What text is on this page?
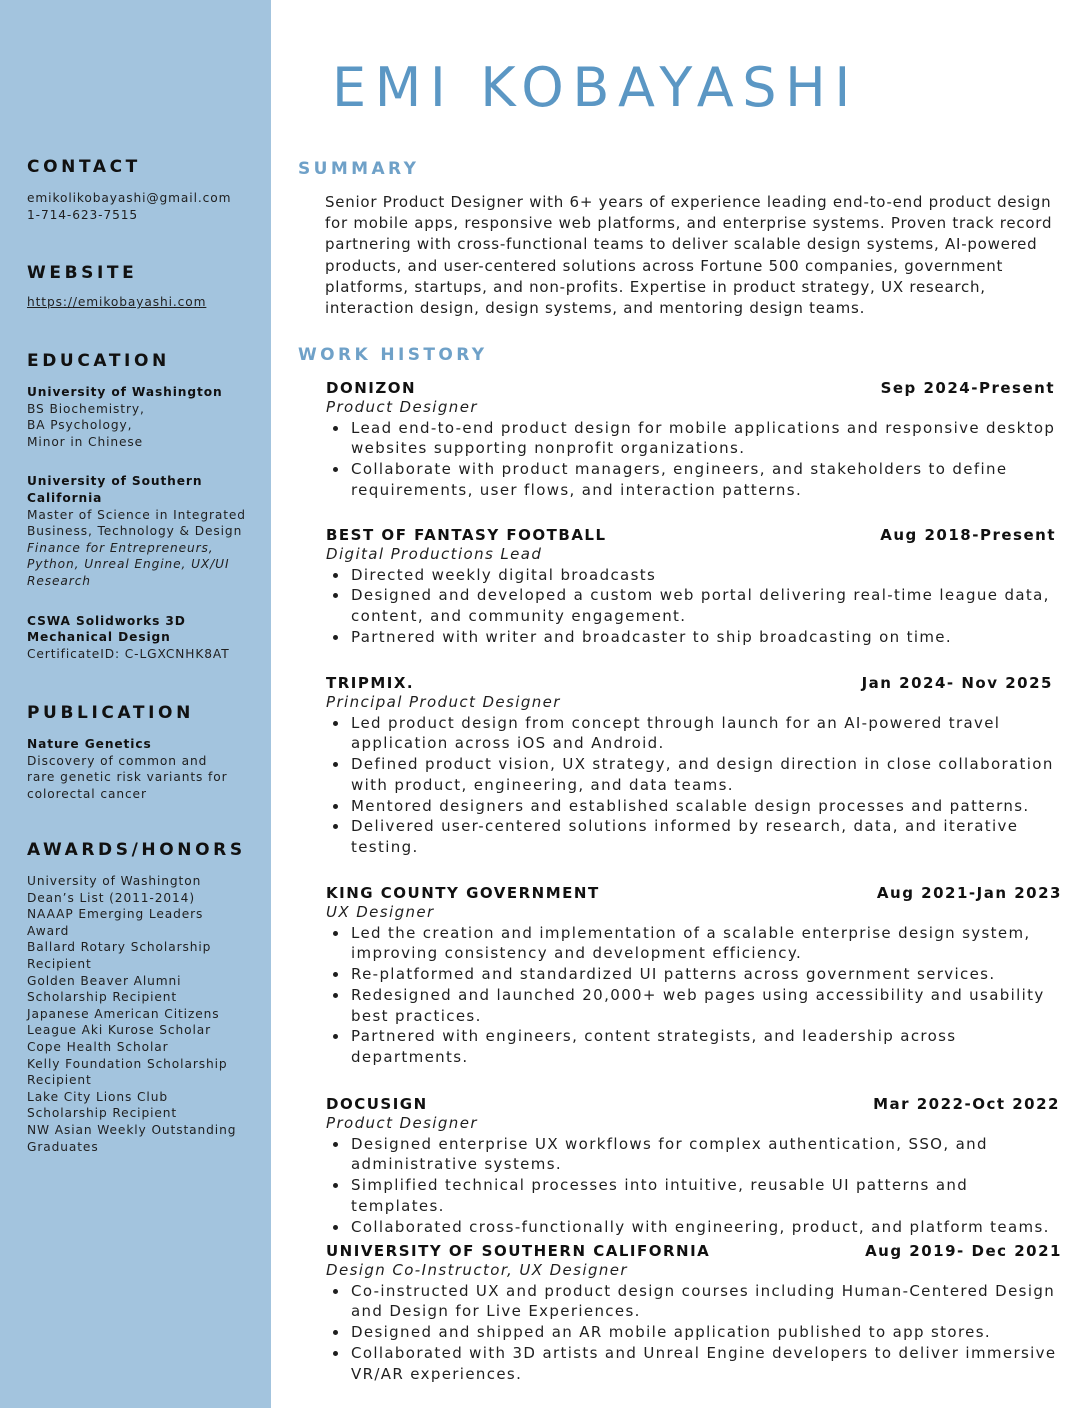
CONTACT
emikolikobayashi@gmail.com
1-714-623-7515
WEBSITE
https://emikobayashi.com
EDUCATION
University of Washington
BS Biochemistry,
BA Psychology,
Minor in Chinese
University of Southern
California
Master of Science in Integrated
Business, Technology & Design
Finance for Entrepreneurs,
Python, Unreal Engine, UX/UI
Research
CSWA Solidworks 3D
Mechanical Design
CertificateID: C-LGXCNHK8AT
PUBLICATION
Nature Genetics
Discovery of common and
rare genetic risk variants for
colorectal cancer
AWARDS/HONORS
University of Washington
Dean’s List (2011-2014)
NAAAP Emerging Leaders
Award
Ballard Rotary Scholarship
Recipient
Golden Beaver Alumni
Scholarship Recipient
Japanese American Citizens
League Aki Kurose Scholar
Cope Health Scholar
Kelly Foundation Scholarship
Recipient
Lake City Lions Club
Scholarship Recipient
NW Asian Weekly Outstanding
Graduates
EMI KOBAYASHI
SUMMARY
Senior Product Designer with 6+ years of experience leading end-to-end product design for mobile apps, responsive web platforms, and enterprise systems. Proven track record partnering with cross-functional teams to deliver scalable design systems, AI-powered products, and user-centered solutions across Fortune 500 companies, government platforms, startups, and non-profits. Expertise in product strategy, UX research, interaction design, design systems, and mentoring design teams.
WORK HISTORY
DONIZON	Sep 2024-Present
Product Designer
Lead end-to-end product design for mobile applications and responsive desktop websites supporting nonprofit organizations.
Collaborate with product managers, engineers, and stakeholders to define requirements, user flows, and interaction patterns.
BEST OF FANTASY FOOTBALL	Aug 2018-Present
Digital Productions Lead
Directed weekly digital broadcasts
Designed and developed a custom web portal delivering real-time league data, content, and community engagement.
Partnered with writer and broadcaster to ship broadcasting on time.
TRIPMIX.	Jan 2024- Nov 2025
Principal Product Designer
Led product design from concept through launch for an AI-powered travel application across iOS and Android.
Defined product vision, UX strategy, and design direction in close collaboration with product, engineering, and data teams.
Mentored designers and established scalable design processes and patterns.
Delivered user-centered solutions informed by research, data, and iterative testing.
KING COUNTY GOVERNMENT	Aug 2021-Jan 2023
UX Designer
Led the creation and implementation of a scalable enterprise design system, improving consistency and development efficiency.
Re-platformed and standardized UI patterns across government services.
Redesigned and launched 20,000+ web pages using accessibility and usability best practices.
Partnered with engineers, content strategists, and leadership across departments.
DOCUSIGN	Mar 2022-Oct 2022
Product Designer
Designed enterprise UX workflows for complex authentication, SSO, and administrative systems.
Simplified technical processes into intuitive, reusable UI patterns and templates.
Collaborated cross-functionally with engineering, product, and platform teams.
UNIVERSITY OF SOUTHERN CALIFORNIA	Aug 2019- Dec 2021
Design Co-Instructor, UX Designer
Co-instructed UX and product design courses including Human-Centered Design and Design for Live Experiences.
Designed and shipped an AR mobile application published to app stores.
Collaborated with 3D artists and Unreal Engine developers to deliver immersive VR/AR experiences.
